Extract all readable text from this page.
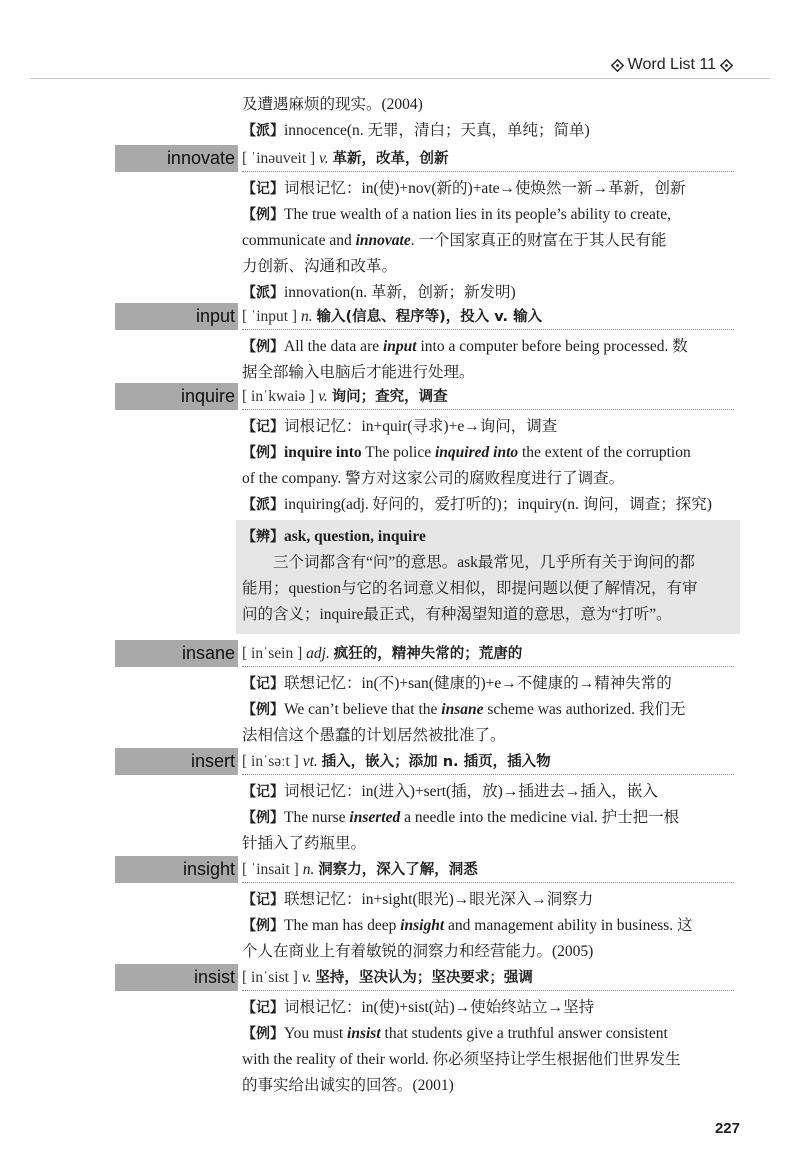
Word List 11
及遭遇麻烦的现实。(2004)
【派】innocence(n. 无罪，清白；天真，单纯；简单)
innovate [ ˈinəuveit ] v. 革新，改革，创新
【记】词根记忆：in(使)+nov(新的)+ate→使焕然一新→革新，创新
【例】The true wealth of a nation lies in its people’s ability to create,
communicate and innovate. 一个国家真正的财富在于其人民有能
力创新、沟通和改革。
【派】innovation(n. 革新，创新；新发明)
input [ ˈinput ] n. 输入(信息、程序等)，投入 v. 输入
【例】All the data are input into a computer before being processed. 数
据全部输入电脑后才能进行处理。
inquire [ inˈkwaiə ] v. 询问；查究，调查
【记】词根记忆：in+quir(寻求)+e→询问，调查
【例】inquire into The police inquired into the extent of the corruption
of the company. 警方对这家公司的腐败程度进行了调查。
【派】inquiring(adj. 好问的，爱打听的)；inquiry(n. 询问，调查；探究)
【辨】ask, question, inquire
三个词都含有“问”的意思。ask最常见，几乎所有关于询问的都
能用；question与它的名词意义相似，即提问题以便了解情况，有审
问的含义；inquire最正式，有种渴望知道的意思，意为“打听”。
insane [ inˈsein ] adj. 疯狂的，精神失常的；荒唐的
【记】联想记忆：in(不)+san(健康的)+e→不健康的→精神失常的
【例】We can’t believe that the insane scheme was authorized. 我们无
法相信这个愚蠢的计划居然被批准了。
insert [ inˈsəːt ] vt. 插入，嵌入；添加 n. 插页，插入物
【记】词根记忆：in(进入)+sert(插，放)→插进去→插入，嵌入
【例】The nurse inserted a needle into the medicine vial. 护士把一根
针插入了药瓶里。
insight [ ˈinsait ] n. 洞察力，深入了解，洞悉
【记】联想记忆：in+sight(眼光)→眼光深入→洞察力
【例】The man has deep insight and management ability in business. 这
个人在商业上有着敏锐的洞察力和经营能力。(2005)
insist [ inˈsist ] v. 坚持，坚决认为；坚决要求；强调
【记】词根记忆：in(使)+sist(站)→使始终站立→坚持
【例】You must insist that students give a truthful answer consistent
with the reality of their world. 你必须坚持让学生根据他们世界发生
的事实给出诚实的回答。(2001)
227
